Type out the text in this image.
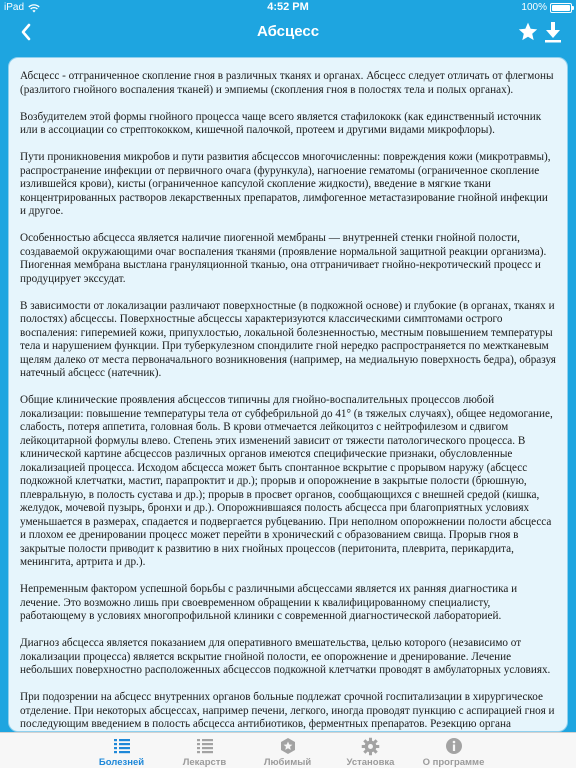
iPad	4:52 PM	100%
Абсцесс

Абсцесс - отграниченное скопление гноя в различных тканях и органах. Абсцесс следует отличать от флегмоны (разлитого гнойного воспаления тканей) и эмпиемы (скопления гноя в полостях тела и полых органах).

Возбудителем этой формы гнойного процесса чаще всего является стафилококк (как единственный источник или в ассоциации со стрептококком, кишечной палочкой, протеем и другими видами микрофлоры).

Пути проникновения микробов и пути развития абсцессов многочисленны: повреждения кожи (микротравмы), распространение инфекции от первичного очага (фурункула), нагноение гематомы (ограниченное скопление излившейся крови), кисты (ограниченное капсулой скопление жидкости), введение в мягкие ткани концентрированных растворов лекарственных препаратов, лимфогенное метастазирование гнойной инфекции и другое.

Особенностью абсцесса является наличие пиогенной мембраны — внутренней стенки гнойной полости, создаваемой окружающими очаг воспаления тканями (проявление нормальной защитной реакции организма). Пиогенная мембрана выстлана грануляционной тканью, она отграничивает гнойно-некротический процесс и продуцирует экссудат.

В зависимости от локализации различают поверхностные (в подкожной основе) и глубокие (в органах, тканях и полостях) абсцессы. Поверхностные абсцессы характеризуются классическими симптомами острого воспаления: гиперемией кожи, припухлостью, локальной болезненностью, местным повышением температуры тела и нарушением функции. При туберкулезном спондилите гной нередко распространяется по межтканевым щелям далеко от места первоначального возникновения (например, на медиальную поверхность бедра), образуя натечный абсцесс (натечник).

Общие клинические проявления абсцессов типичны для гнойно-воспалительных процессов любой локализации: повышение температуры тела от субфебрильной до 41° (в тяжелых случаях), общее недомогание, слабость, потеря аппетита, головная боль. В крови отмечается лейкоцитоз с нейтрофилезом и сдвигом лейкоцитарной формулы влево. Степень этих изменений зависит от тяжести патологического процесса. В клинической картине абсцессов различных органов имеются специфические признаки, обусловленные локализацией процесса. Исходом абсцесса может быть спонтанное вскрытие с прорывом наружу (абсцесс подкожной клетчатки, мастит, парапроктит и др.); прорыв и опорожнение в закрытые полости (брюшную, плевральную, в полость сустава и др.); прорыв в просвет органов, сообщающихся с внешней средой (кишка, желудок, мочевой пузырь, бронхи и др.). Опорожнившаяся полость абсцесса при благоприятных условиях уменьшается в размерах, спадается и подвергается рубцеванию. При неполном опорожнении полости абсцесса и плохом ее дренировании процесс может перейти в хронический с образованием свища. Прорыв гноя в закрытые полости приводит к развитию в них гнойных процессов (перитонита, плеврита, перикардита, менингита, артрита и др.).

Непременным фактором успешной борьбы с различными абсцессами является их ранняя диагностика и лечение. Это возможно лишь при своевременном обращении к квалифицированному специалисту, работающему в условиях многопрофильной клиники с современной диагностической лабораторией.

Диагноз абсцесса является показанием для оперативного вмешательства, целью которого (независимо от локализации процесса) является вскрытие гнойной полости, ее опорожнение и дренирование. Лечение небольших поверхностно расположенных абсцессов подкожной клетчатки проводят в амбулаторных условиях.

При подозрении на абсцесс внутренних органов больные подлежат срочной госпитализации в хирургическое отделение. При некоторых абсцессах, например печени, легкого, иногда проводят пункцию с аспирацией гноя и последующим введением в полость абсцесса антибиотиков, ферментных препаратов. Резекцию органа

Болезней	Лекарств	Любимый	Установка	О программе
